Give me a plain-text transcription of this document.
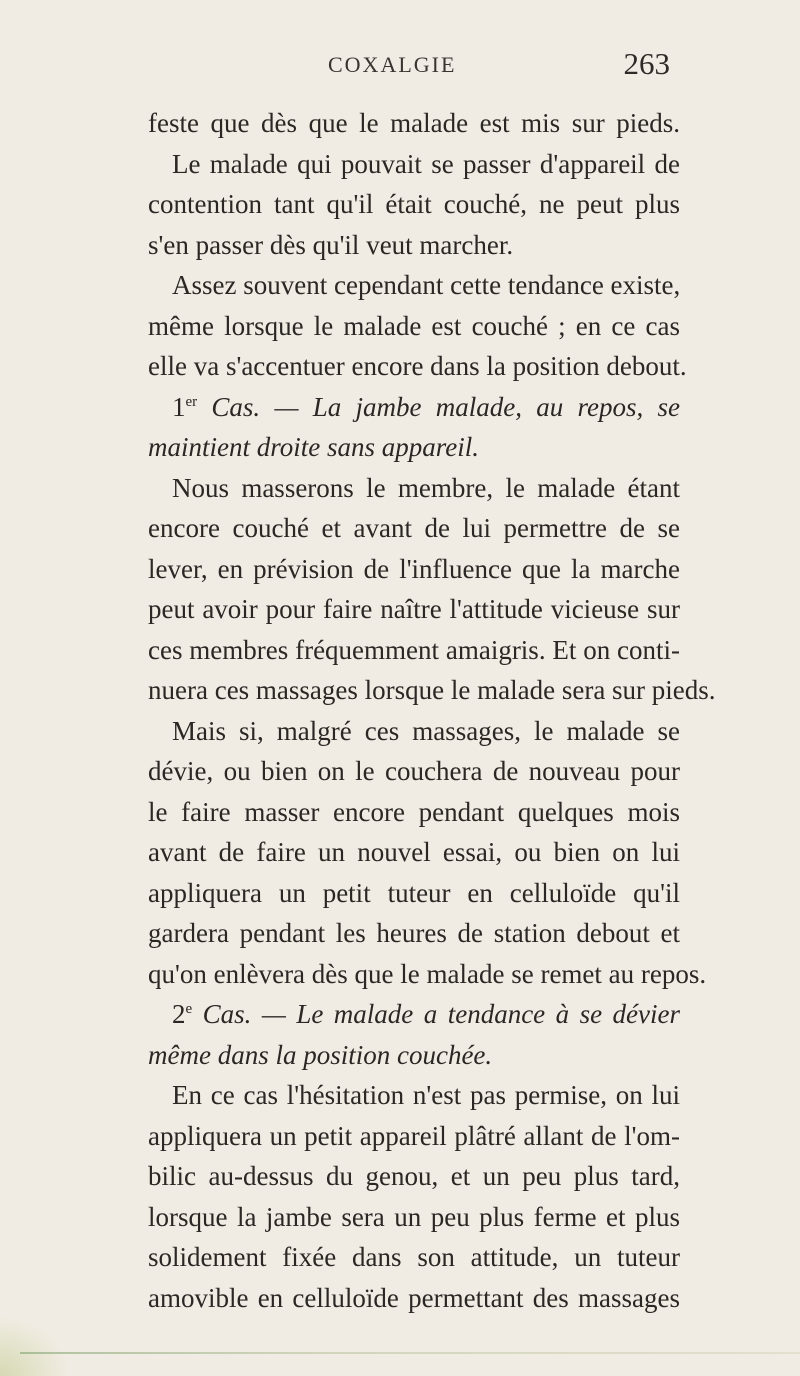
COXALGIE	263
feste que dès que le malade est mis sur pieds.
Le malade qui pouvait se passer d'appareil de
contention tant qu'il était couché, ne peut plus
s'en passer dès qu'il veut marcher.
Assez souvent cependant cette tendance existe,
même lorsque le malade est couché ; en ce cas
elle va s'accentuer encore dans la position debout.
1er Cas. — La jambe malade, au repos, se
maintient droite sans appareil.
Nous masserons le membre, le malade étant
encore couché et avant de lui permettre de se
lever, en prévision de l'influence que la marche
peut avoir pour faire naître l'attitude vicieuse sur
ces membres fréquemment amaigris. Et on conti-
nuera ces massages lorsque le malade sera sur pieds.
Mais si, malgré ces massages, le malade se
dévie, ou bien on le couchera de nouveau pour
le faire masser encore pendant quelques mois
avant de faire un nouvel essai, ou bien on lui
appliquera un petit tuteur en celluloïde qu'il
gardera pendant les heures de station debout et
qu'on enlèvera dès que le malade se remet au repos.
2e Cas. — Le malade a tendance à se dévier
même dans la position couchée.
En ce cas l'hésitation n'est pas permise, on lui
appliquera un petit appareil plâtré allant de l'om-
bilic au-dessus du genou, et un peu plus tard,
lorsque la jambe sera un peu plus ferme et plus
solidement fixée dans son attitude, un tuteur
amovible en celluloïde permettant des massages
